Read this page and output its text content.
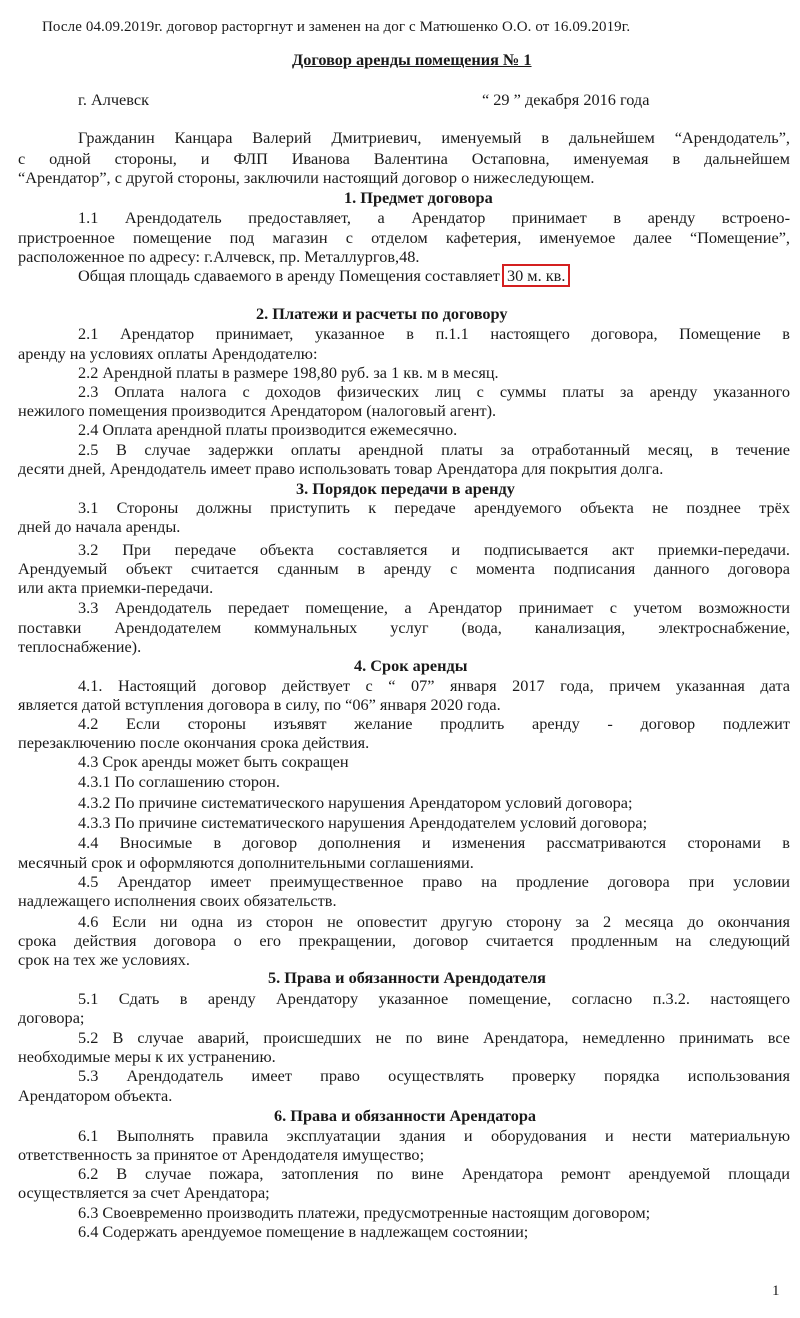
После 04.09.2019г. договор расторгнут и заменен на дог с Матюшенко О.О. от 16.09.2019г.
Договор аренды помещения № 1
г. Алчевск	“ 29 ” декабря 2016 года
Гражданин Канцара Валерий Дмитриевич, именуемый в дальнейшем “Арендодатель”,
с одной стороны, и ФЛП Иванова Валентина Остаповна, именуемая в дальнейшем
“Арендатор”, с другой стороны, заключили настоящий договор о нижеследующем.
1. Предмет договора
1.1 Арендодатель предоставляет, а Арендатор принимает в аренду встроено-
пристроенное помещение под магазин с отделом кафетерия, именуемое далее “Помещение”,
расположенное по адресу: г.Алчевск, пр. Металлургов,48.
Общая площадь сдаваемого в аренду Помещения составляет 30 м. кв.
2. Платежи и расчеты по договору
2.1 Арендатор принимает, указанное в п.1.1 настоящего договора, Помещение в
аренду на условиях оплаты Арендодателю:
2.2 Арендной платы в размере 198,80 руб. за 1 кв. м в месяц.
2.3 Оплата налога с доходов физических лиц с суммы платы за аренду указанного
нежилого помещения производится Арендатором (налоговый агент).
2.4 Оплата арендной платы производится ежемесячно.
2.5 В случае задержки оплаты арендной платы за отработанный месяц, в течение
десяти дней, Арендодатель имеет право использовать товар Арендатора для покрытия долга.
3. Порядок передачи в аренду
3.1 Стороны должны приступить к передаче арендуемого объекта не позднее трёх
дней до начала аренды.
3.2 При передаче объекта составляется и подписывается акт приемки-передачи.
Арендуемый объект считается сданным в аренду с момента подписания данного договора
или акта приемки-передачи.
3.3 Арендодатель передает помещение, а Арендатор принимает с учетом возможности
поставки Арендодателем коммунальных услуг (вода, канализация, электроснабжение,
теплоснабжение).
4. Срок аренды
4.1. Настоящий договор действует с “ 07” января 2017 года, причем указанная дата
является датой вступления договора в силу, по “06” января 2020 года.
4.2 Если стороны изъявят желание продлить аренду - договор подлежит
перезаключению после окончания срока действия.
4.3 Срок аренды может быть сокращен
4.3.1 По соглашению сторон.
4.3.2 По причине систематического нарушения Арендатором условий договора;
4.3.3 По причине систематического нарушения Арендодателем условий договора;
4.4 Вносимые в договор дополнения и изменения рассматриваются сторонами в
месячный срок и оформляются дополнительными соглашениями.
4.5 Арендатор имеет преимущественное право на продление договора при условии
надлежащего исполнения своих обязательств.
4.6 Если ни одна из сторон не оповестит другую сторону за 2 месяца до окончания
срока действия договора о его прекращении, договор считается продленным на следующий
срок на тех же условиях.
5. Права и обязанности Арендодателя
5.1 Сдать в аренду Арендатору указанное помещение, согласно п.3.2. настоящего
договора;
5.2 В случае аварий, происшедших не по вине Арендатора, немедленно принимать все
необходимые меры к их устранению.
5.3 Арендодатель имеет право осуществлять проверку порядка использования
Арендатором объекта.
6. Права и обязанности Арендатора
6.1 Выполнять правила эксплуатации здания и оборудования и нести материальную
ответственность за принятое от Арендодателя имущество;
6.2 В случае пожара, затопления по вине Арендатора ремонт арендуемой площади
осуществляется за счет Арендатора;
6.3 Своевременно производить платежи, предусмотренные настоящим договором;
6.4 Содержать арендуемое помещение в надлежащем состоянии;
1
